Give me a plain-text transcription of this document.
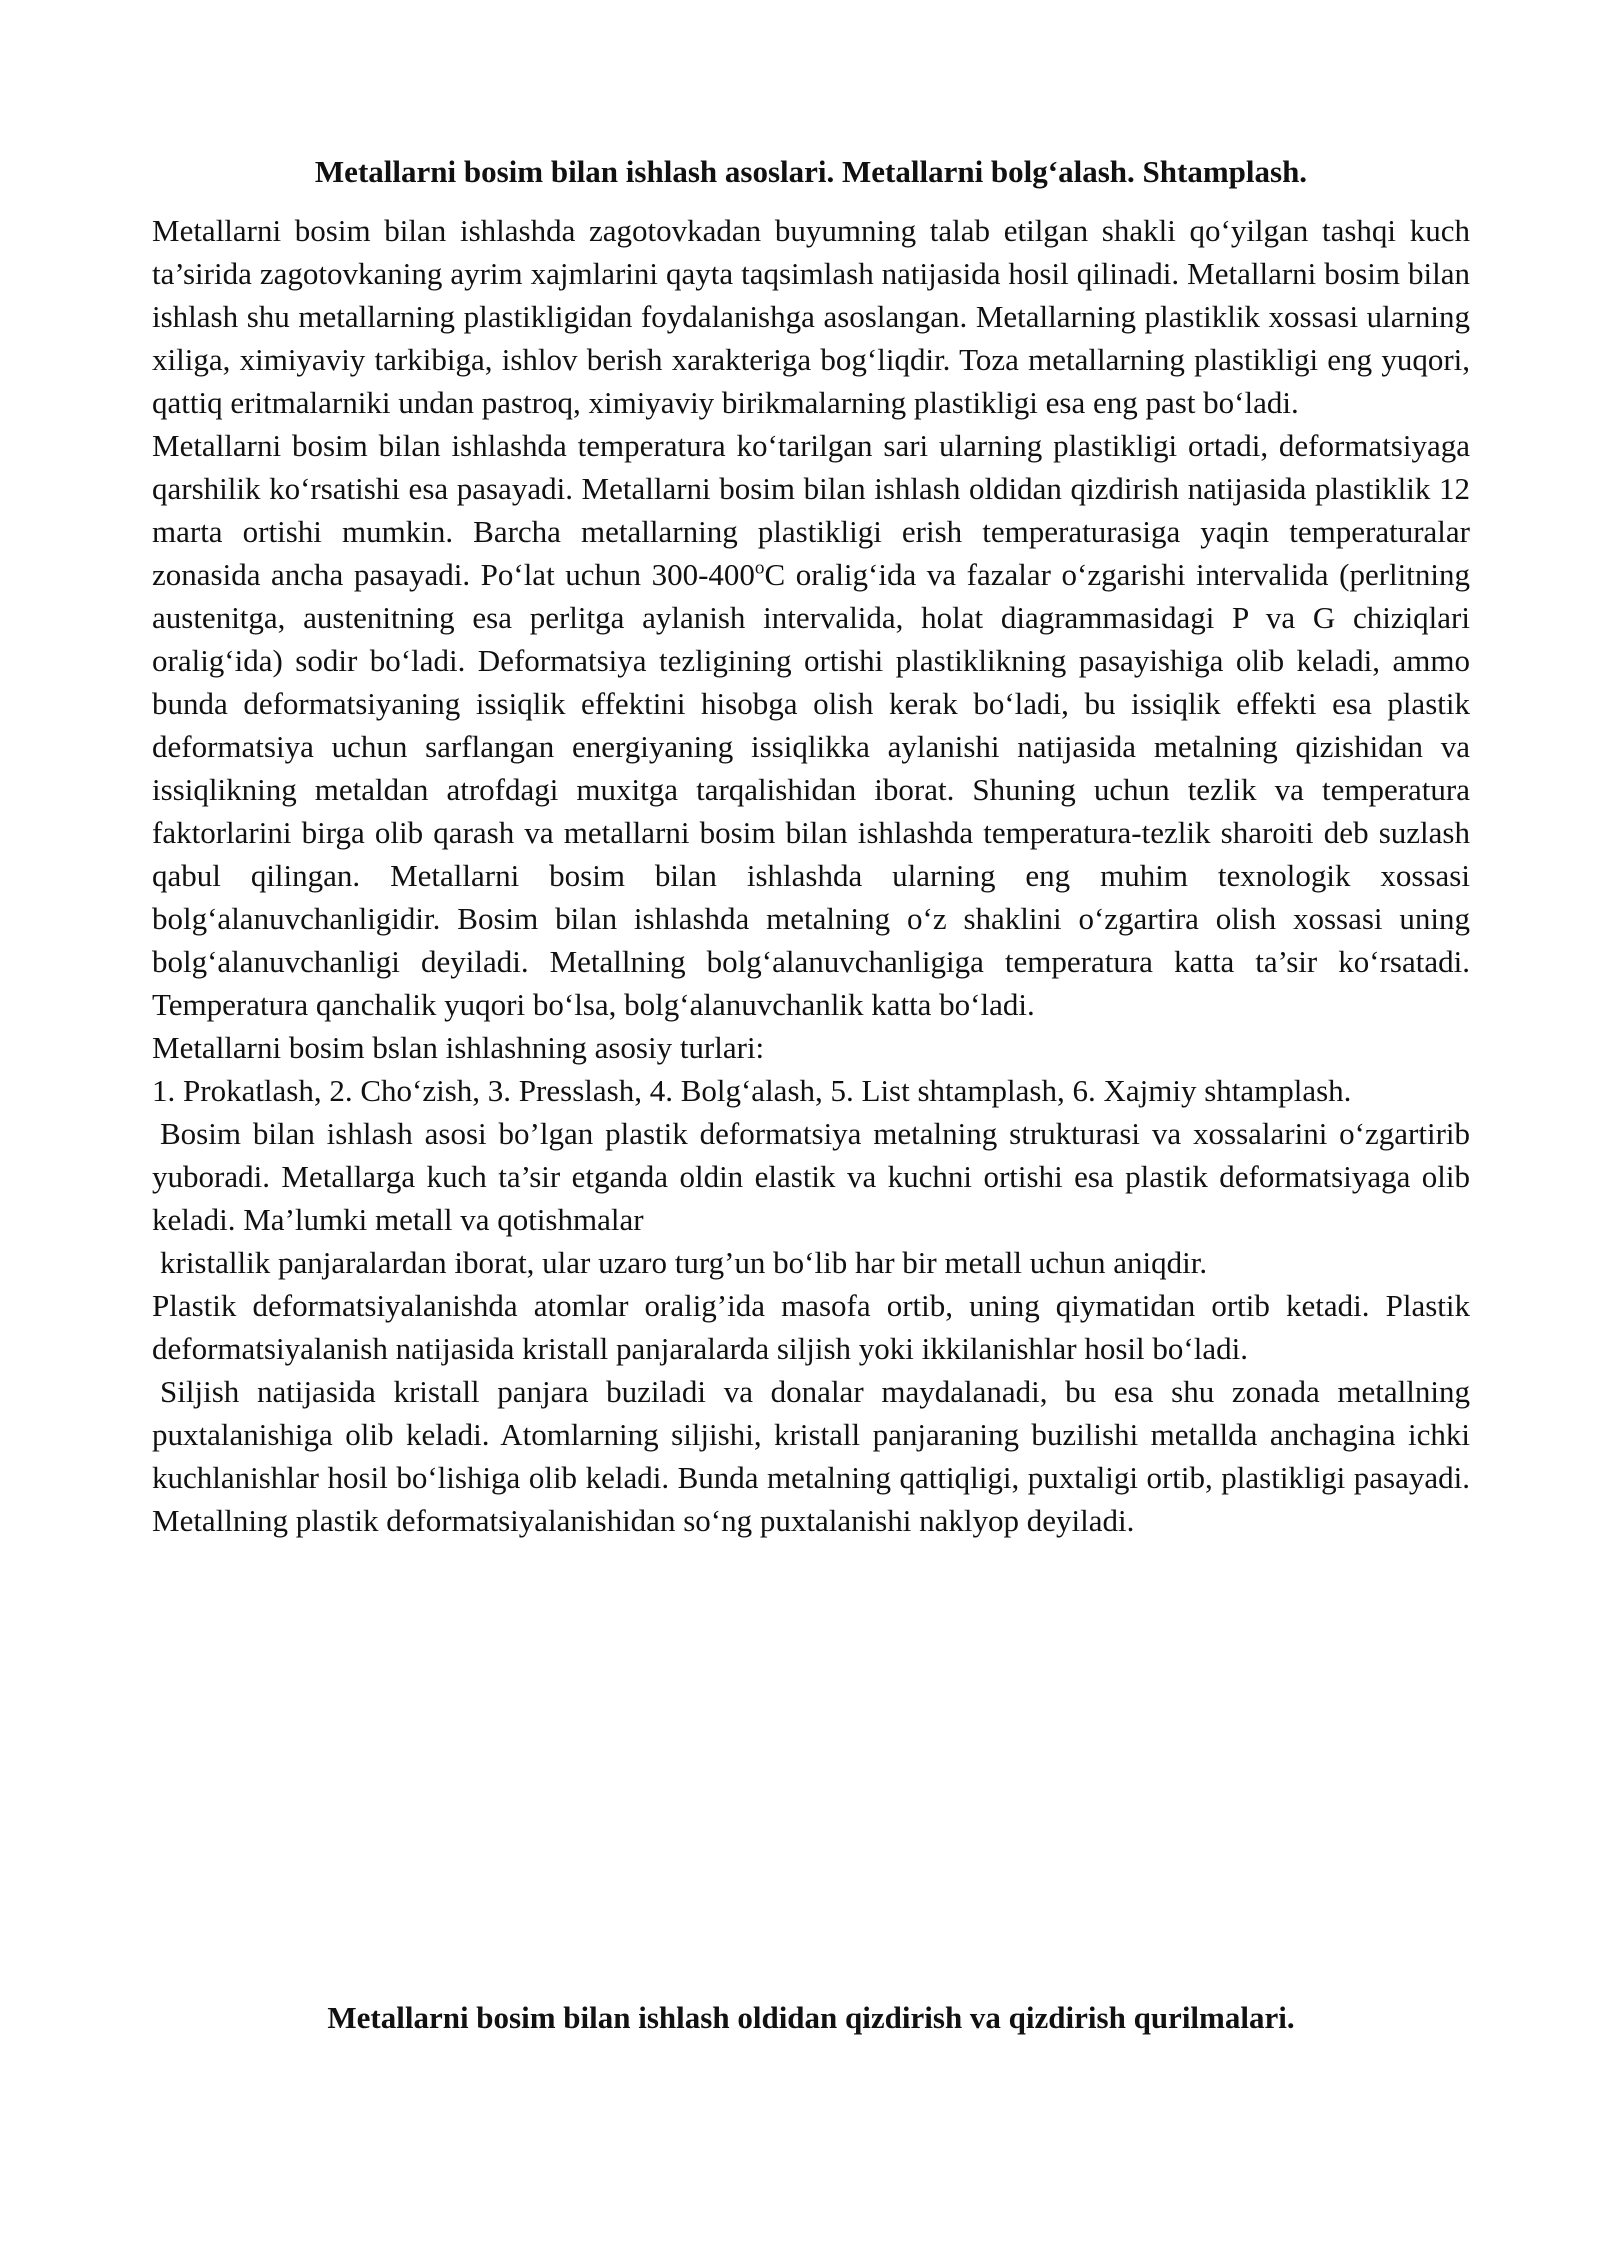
Metallarni bosim bilan ishlash asoslari. Metallarni bolg‘alash. Shtamplash.

Metallarni bosim bilan ishlashda zagotovkadan buyumning talab etilgan shakli qo‘yilgan tashqi kuch ta’sirida zagotovkaning ayrim xajmlarini qayta taqsimlash natijasida hosil qilinadi. Metallarni bosim bilan ishlash shu metallarning plastikligidan foydalanishga asoslangan. Metallarning plastiklik xossasi ularning xiliga, ximiyaviy tarkibiga, ishlov berish xarakteriga bog‘liqdir. Toza metallarning plastikligi eng yuqori, qattiq eritmalarniki undan pastroq, ximiyaviy birikmalarning plastikligi esa eng past bo‘ladi.

Metallarni bosim bilan ishlashda temperatura ko‘tarilgan sari ularning plastikligi ortadi, deformatsiyaga qarshilik ko‘rsatishi esa pasayadi. Metallarni bosim bilan ishlash oldidan qizdirish natijasida plastiklik 12 marta ortishi mumkin. Barcha metallarning plastikligi erish temperaturasiga yaqin temperaturalar zonasida ancha pasayadi. Po‘lat uchun 300-400$^o$C oralig‘ida va fazalar o‘zgarishi intervalida (perlitning austenitga, austenitning esa perlitga aylanish intervalida, holat diagrammasidagi P va G chiziqlari oralig‘ida) sodir bo‘ladi. Deformatsiya tezligining ortishi plastiklikning pasayishiga olib keladi, ammo bunda deformatsiyaning issiqlik effektini hisobga olish kerak bo‘ladi, bu issiqlik effekti esa plastik deformatsiya uchun sarflangan energiyaning issiqlikka aylanishi natijasida metalning qizishidan va issiqlikning metaldan atrofdagi muxitga tarqalishidan iborat. Shuning uchun tezlik va temperatura faktorlarini birga olib qarash va metallarni bosim bilan ishlashda temperatura-tezlik sharoiti deb suzlash qabul qilingan. Metallarni bosim bilan ishlashda ularning eng muhim texnologik xossasi bolg‘alanuvchanligidir. Bosim bilan ishlashda metalning o‘z shaklini o‘zgartira olish xossasi uning bolg‘alanuvchanligi deyiladi. Metallning bolg‘alanuvchanligiga temperatura katta ta’sir ko‘rsatadi. Temperatura qanchalik yuqori bo‘lsa, bolg‘alanuvchanlik katta bo‘ladi.

Metallarni bosim bslan ishlashning asosiy turlari:

1. Prokatlash, 2. Cho‘zish, 3. Presslash, 4. Bolg‘alash, 5. List shtamplash, 6. Xajmiy shtamplash.

Bosim bilan ishlash asosi bo’lgan plastik deformatsiya metalning strukturasi va xossalarini o‘zgartirib yuboradi. Metallarga kuch ta’sir etganda oldin elastik va kuchni ortishi esa plastik deformatsiyaga olib keladi. Ma’lumki metall va qotishmalar

kristallik panjaralardan iborat, ular uzaro turg’un bo‘lib har bir metall uchun aniqdir.

Plastik deformatsiyalanishda atomlar oralig’ida masofa ortib, uning qiymatidan ortib ketadi. Plastik deformatsiyalanish natijasida kristall panjaralarda siljish yoki ikkilanishlar hosil bo‘ladi.

Siljish natijasida kristall panjara buziladi va donalar maydalanadi, bu esa shu zonada metallning puxtalanishiga olib keladi. Atomlarning siljishi, kristall panjaraning buzilishi metallda anchagina ichki kuchlanishlar hosil bo‘lishiga olib keladi. Bunda metalning qattiqligi, puxtaligi ortib, plastikligi pasayadi. Metallning plastik deformatsiyalanishidan so‘ng puxtalanishi naklyop deyiladi.

Metallarni bosim bilan ishlash oldidan qizdirish va qizdirish qurilmalari.
